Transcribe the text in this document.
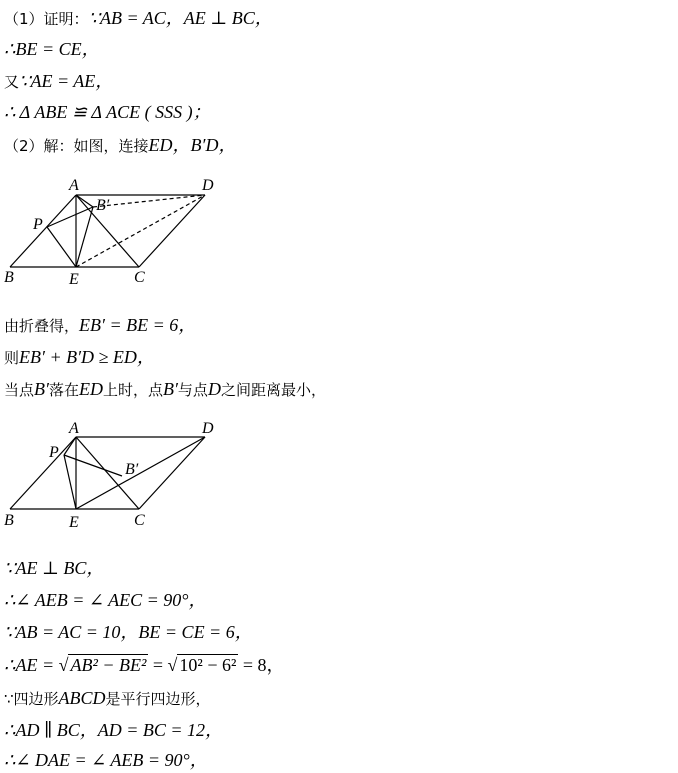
（1）证明：∵AB = AC，AE ⊥ BC，
∴BE = CE，
又∵AE = AE，
∴ Δ ABE ≌ Δ ACE ( SSS )；
（2）解：如图，连接ED，B′D，
A	D
B′
P
B	E	C
由折叠得，EB′ = BE = 6，
则EB′ + B′D ≥ ED，
当点B′落在ED上时，点B′与点D之间距离最小，
A	D
P
B′
B	E	C
∵AE ⊥ BC，
∴∠ AEB = ∠ AEC = 90°，
∵AB = AC = 10，BE = CE = 6，
∴AE = √ AB² − BE² = √ 10² − 6² = 8，
∵四边形ABCD是平行四边形，
∴AD ∥ BC，AD = BC = 12，
∴∠ DAE = ∠ AEB = 90°，
